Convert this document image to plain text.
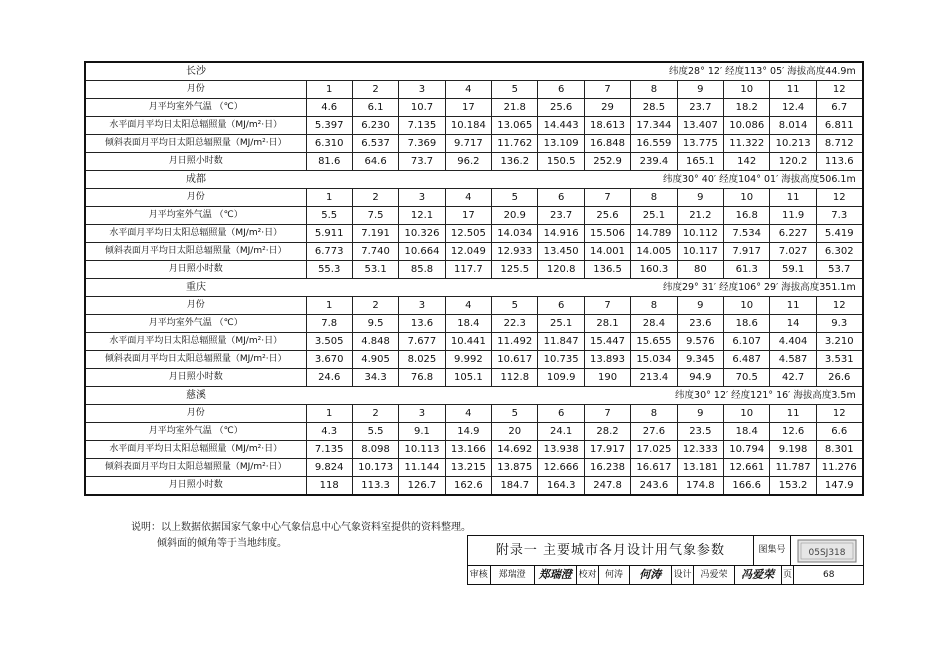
长沙	纬度28° 12′ 经度113° 05′ 海拔高度44.9m											
月份	1	2	3	4	5	6	7	8	9	10	11	12
月平均室外气温 （℃）	4.6	6.1	10.7	17	21.8	25.6	29	28.5	23.7	18.2	12.4	6.7
水平面月平均日太阳总辐照量（MJ/m²·日）	5.397	6.230	7.135	10.184	13.065	14.443	18.613	17.344	13.407	10.086	8.014	6.811
倾斜表面月平均日太阳总辐照量（MJ/m²·日）	6.310	6.537	7.369	9.717	11.762	13.109	16.848	16.559	13.775	11.322	10.213	8.712
月日照小时数	81.6	64.6	73.7	96.2	136.2	150.5	252.9	239.4	165.1	142	120.2	113.6
成都	纬度30° 40′ 经度104° 01′ 海拔高度506.1m											
月份	1	2	3	4	5	6	7	8	9	10	11	12
月平均室外气温 （℃）	5.5	7.5	12.1	17	20.9	23.7	25.6	25.1	21.2	16.8	11.9	7.3
水平面月平均日太阳总辐照量（MJ/m²·日）	5.911	7.191	10.326	12.505	14.034	14.916	15.506	14.789	10.112	7.534	6.227	5.419
倾斜表面月平均日太阳总辐照量（MJ/m²·日）	6.773	7.740	10.664	12.049	12.933	13.450	14.001	14.005	10.117	7.917	7.027	6.302
月日照小时数	55.3	53.1	85.8	117.7	125.5	120.8	136.5	160.3	80	61.3	59.1	53.7
重庆	纬度29° 31′ 经度106° 29′ 海拔高度351.1m											
月份	1	2	3	4	5	6	7	8	9	10	11	12
月平均室外气温 （℃）	7.8	9.5	13.6	18.4	22.3	25.1	28.1	28.4	23.6	18.6	14	9.3
水平面月平均日太阳总辐照量（MJ/m²·日）	3.505	4.848	7.677	10.441	11.492	11.847	15.447	15.655	9.576	6.107	4.404	3.210
倾斜表面月平均日太阳总辐照量（MJ/m²·日）	3.670	4.905	8.025	9.992	10.617	10.735	13.893	15.034	9.345	6.487	4.587	3.531
月日照小时数	24.6	34.3	76.8	105.1	112.8	109.9	190	213.4	94.9	70.5	42.7	26.6
慈溪	纬度30° 12′ 经度121° 16′ 海拔高度3.5m											
月份	1	2	3	4	5	6	7	8	9	10	11	12
月平均室外气温 （℃）	4.3	5.5	9.1	14.9	20	24.1	28.2	27.6	23.5	18.4	12.6	6.6
水平面月平均日太阳总辐照量（MJ/m²·日）	7.135	8.098	10.113	13.166	14.692	13.938	17.917	17.025	12.333	10.794	9.198	8.301
倾斜表面月平均日太阳总辐照量（MJ/m²·日）	9.824	10.173	11.144	13.215	13.875	12.666	16.238	16.617	13.181	12.661	11.787	11.276
月日照小时数	118	113.3	126.7	162.6	184.7	164.3	247.8	243.6	174.8	166.6	153.2	147.9
说明：以上数据依据国家气象中心气象信息中心气象资料室提供的资料整理。
倾斜面的倾角等于当地纬度。	附录一 主要城市各月设计用气象参数	图集号	05SJ318
审核	郑瑞澄	郑瑞澄 校对 何涛	何涛	设计 冯爱荣	冯爱荣 页	68
